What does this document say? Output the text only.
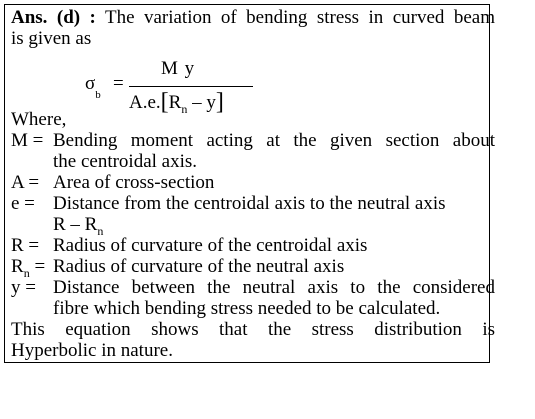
Ans. (d) : The variation of bending stress in curved beam
is given as
$\sigma_b$
=
M y
$A.e.[R_n - y]$
Where,
M = Bending moment acting at the given section about
the centroidal axis.
A = Area of cross-section
e = Distance from the centroidal axis to the neutral axis
R – $R_n$
R = Radius of curvature of the centroidal axis
$R_n$ = Radius of curvature of the neutral axis
y = Distance between the neutral axis to the considered
fibre which bending stress needed to be calculated.
This equation shows that the stress distribution is
Hyperbolic in nature.
